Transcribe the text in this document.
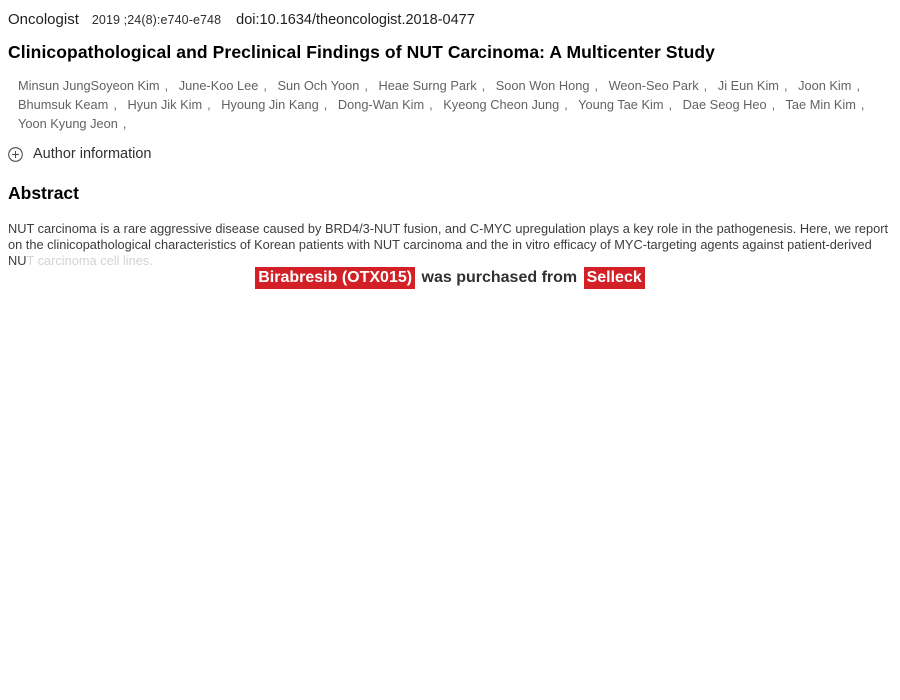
Oncologist 2019 ;24(8):e740-e748 doi:10.1634/theoncologist.2018-0477
Clinicopathological and Preclinical Findings of NUT Carcinoma: A Multicenter Study
Minsun JungSoyeon Kim , June-Koo Lee , Sun Och Yoon , Heae Surng Park , Soon Won Hong , Weon-Seo Park , Ji Eun Kim , Joon Kim , Bhumsuk Keam , Hyun Jik Kim , Hyoung Jin Kang , Dong-Wan Kim , Kyeong Cheon Jung , Young Tae Kim , Dae Seog Heo , Tae Min Kim , Yoon Kyung Jeon ,
Author information
Abstract
NUT carcinoma is a rare aggressive disease caused by BRD4/3-NUT fusion, and C-MYC upregulation plays a key role in the pathogenesis. Here, we report
on the clinicopathological characteristics of Korean patients with NUT carcinoma and the in vitro efficacy of MYC-targeting agents against patient-derived
NUT carcinoma cell lines.
Birabresib (OTX015) was purchased from Selleck
